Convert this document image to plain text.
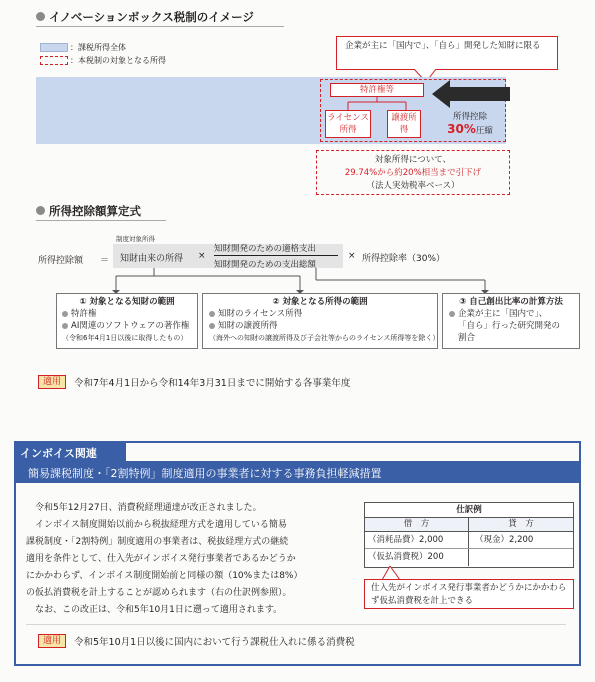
イノベーションボックス税制のイメージ
：課税所得全体
：本税制の対象となる所得
企業が主に「国内で」、「自ら」開発した知財に限る
特許権等
ライセンス所得
譲渡所得
所得控除
30%圧縮
対象所得について、
29.74%から約20%相当まで引下げ
（法人実効税率ベース）
所得控除額算定式
所得控除額 ＝
制度対象所得
知財由来の所得 ×
知財開発のための適格支出
知財開発のための支出総額
× 所得控除率（30%）
① 対象となる知財の範囲
特許権
AI関連のソフトウェアの著作権
（令和6年4月1日以後に取得したもの）
② 対象となる所得の範囲
知財のライセンス所得
知財の譲渡所得
（海外への知財の譲渡所得及び子会社等からのライセンス所得等を除く）
③ 自己創出比率の計算方法
企業が主に「国内で」、
「自ら」行った研究開発の
割合
適用	令和7年4月1日から令和14年3月31日までに開始する各事業年度
インボイス関連
簡易課税制度・「2割特例」制度適用の事業者に対する事務負担軽減措置
令和5年12月27日、消費税経理通達が改正されました。
インボイス制度開始以前から税抜経理方式を適用している簡易
課税制度・「2割特例」制度適用の事業者は、税抜経理方式の継続
適用を条件として、仕入先がインボイス発行事業者であるかどうか
にかかわらず、インボイス制度開始前と同様の額（10%または8%）
の仮払消費税を計上することが認められます（右の仕訳例参照）。
なお、この改正は、令和5年10月1日に遡って適用されます。
仕訳例
借　方	貸　方
（消耗品費）2,000	（現金）2,200
（仮払消費税）200
仕入先がインボイス発行事業者かどうかにかかわらず仮払消費税を計上できる
適用	令和5年10月1日以後に国内において行う課税仕入れに係る消費税
